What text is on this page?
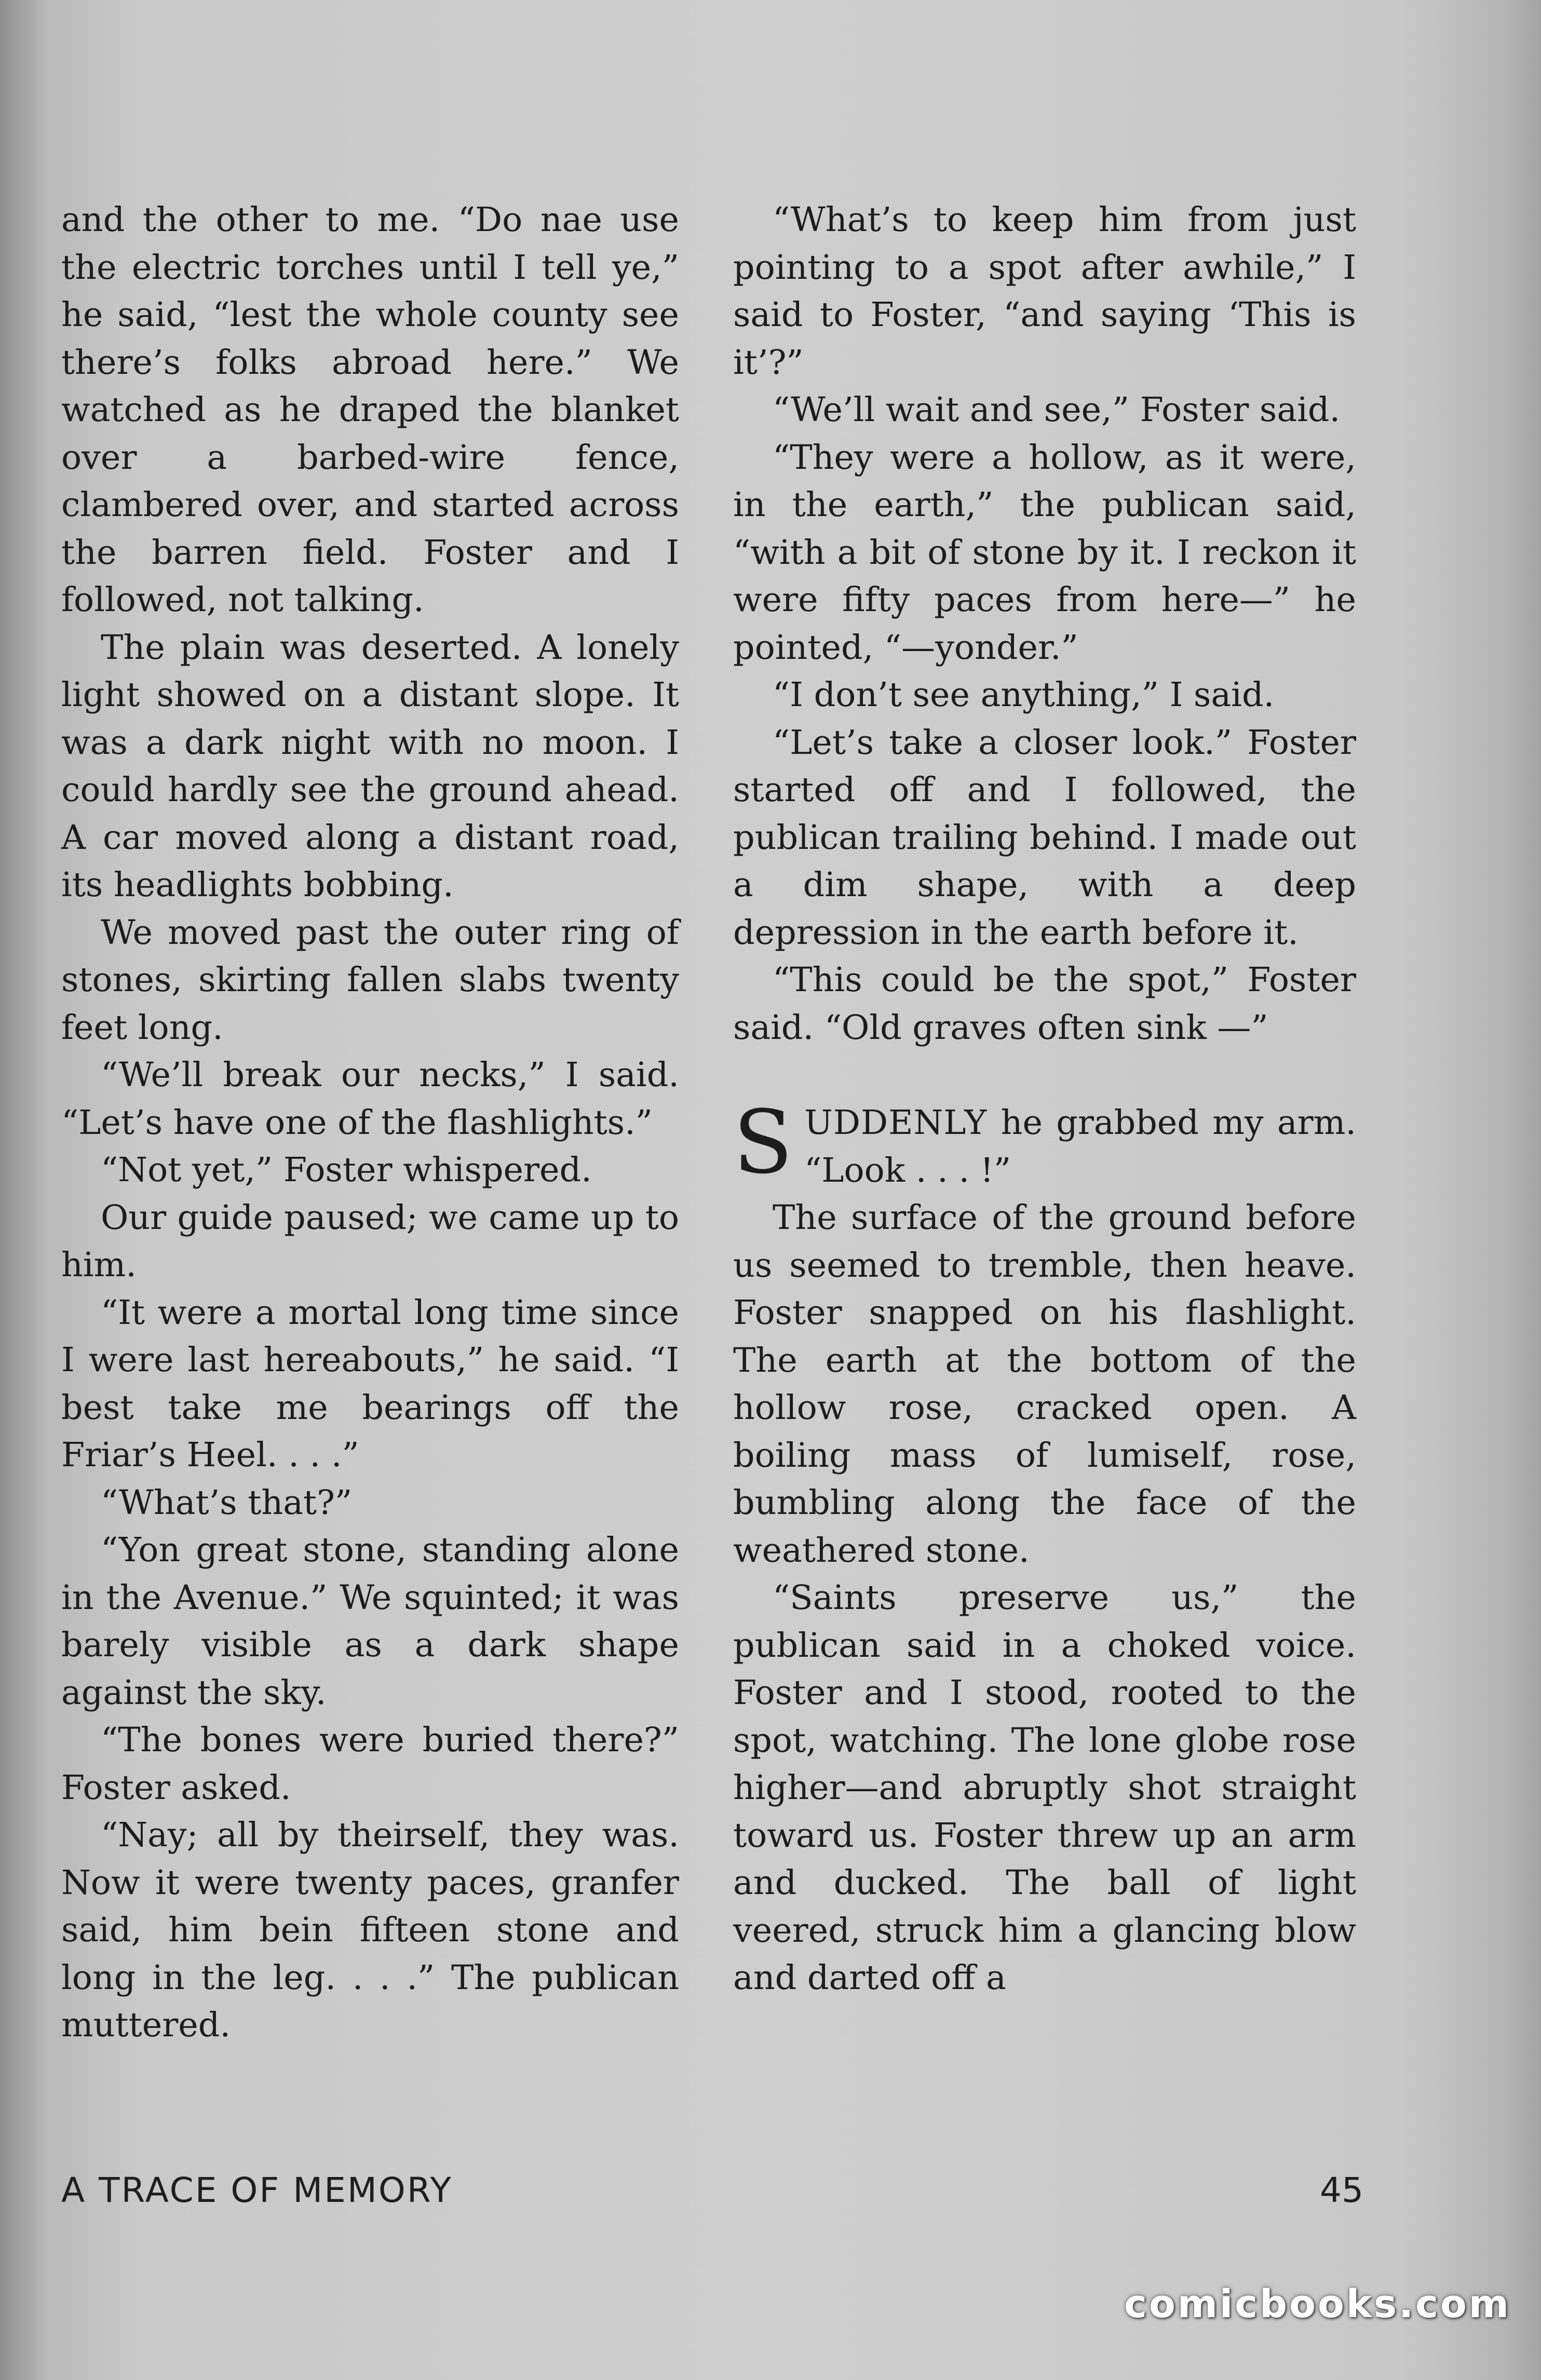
and the other to me. “Do nae use the electric torches until I tell ye,” he said, “lest the whole county see there’s folks abroad here.” We watched as he draped the blanket over a barbed-wire fence, clambered over, and started across the barren field. Foster and I followed, not talking.

The plain was deserted. A lonely light showed on a distant slope. It was a dark night with no moon. I could hardly see the ground ahead. A car moved along a distant road, its headlights bobbing.

We moved past the outer ring of stones, skirting fallen slabs twenty feet long.

“We’ll break our necks,” I said. “Let’s have one of the flashlights.”

“Not yet,” Foster whispered.

Our guide paused; we came up to him.

“It were a mortal long time since I were last hereabouts,” he said. “I best take me bearings off the Friar’s Heel. . . .”

“What’s that?”

“Yon great stone, standing alone in the Avenue.” We squinted; it was barely visible as a dark shape against the sky.

“The bones were buried there?” Foster asked.

“Nay; all by theirself, they was. Now it were twenty paces, granfer said, him bein fifteen stone and long in the leg. . . .” The publican muttered.

“What’s to keep him from just pointing to a spot after awhile,” I said to Foster, “and saying ‘This is it’?”

“We’ll wait and see,” Foster said.

“They were a hollow, as it were, in the earth,” the publican said, “with a bit of stone by it. I reckon it were fifty paces from here—” he pointed, “—yonder.”

“I don’t see anything,” I said.

“Let’s take a closer look.” Foster started off and I followed, the publican trailing behind. I made out a dim shape, with a deep depression in the earth before it.

“This could be the spot,” Foster said. “Old graves often sink —”

SUDDENLY he grabbed my arm. “Look . . . !”

The surface of the ground before us seemed to tremble, then heave. Foster snapped on his flashlight. The earth at the bottom of the hollow rose, cracked open. A boiling mass of lumiself, rose, bumbling along the face of the weathered stone.

“Saints preserve us,” the publican said in a choked voice. Foster and I stood, rooted to the spot, watching. The lone globe rose higher—and abruptly shot straight toward us. Foster threw up an arm and ducked. The ball of light veered, struck him a glancing blow and darted off a

A TRACE OF MEMORY	45
comicbooks.com
